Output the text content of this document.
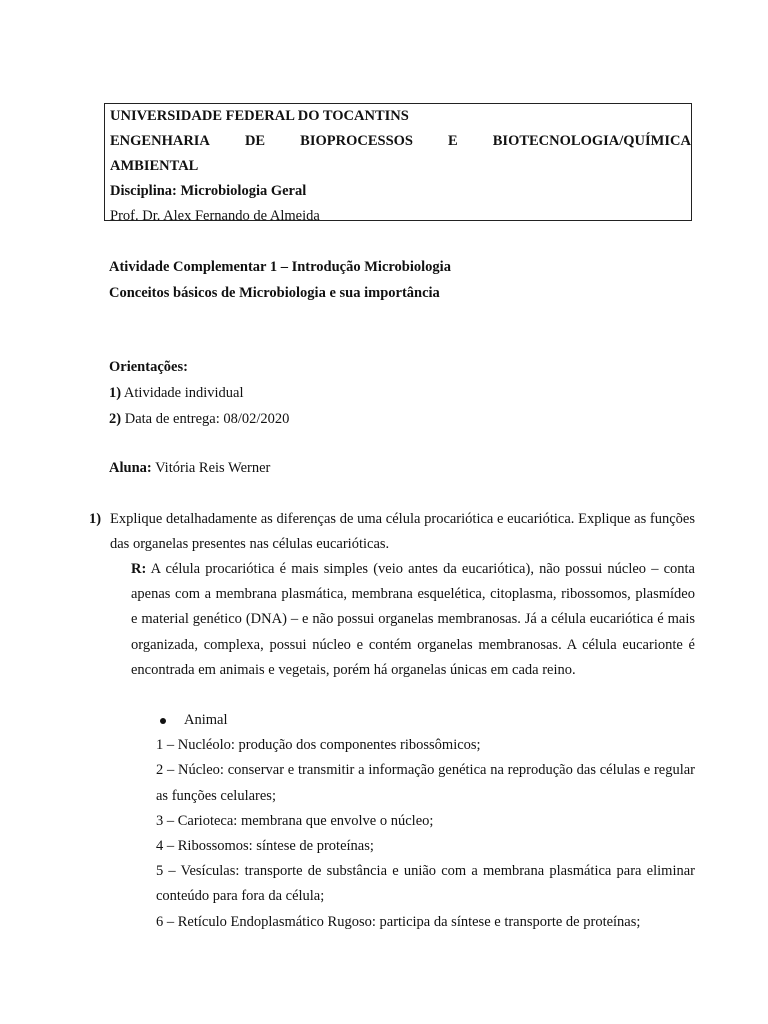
UNIVERSIDADE FEDERAL DO TOCANTINS
ENGENHARIA DE BIOPROCESSOS E BIOTECNOLOGIA/QUÍMICA
AMBIENTAL
Disciplina: Microbiologia Geral
Prof. Dr. Alex Fernando de Almeida
Atividade Complementar 1 – Introdução Microbiologia
Conceitos básicos de Microbiologia e sua importância
Orientações:
1) Atividade individual
2) Data de entrega: 08/02/2020
Aluna: Vitória Reis Werner
1) Explique detalhadamente as diferenças de uma célula procariótica e eucariótica. Explique as funções das organelas presentes nas células eucarióticas.
R: A célula procariótica é mais simples (veio antes da eucariótica), não possui núcleo – conta apenas com a membrana plasmática, membrana esquelética, citoplasma, ribossomos, plasmídeo e material genético (DNA) – e não possui organelas membranosas. Já a célula eucariótica é mais organizada, complexa, possui núcleo e contém organelas membranosas. A célula eucarionte é encontrada em animais e vegetais, porém há organelas únicas em cada reino.
Animal
1 – Nucléolo: produção dos componentes ribossômicos;
2 – Núcleo: conservar e transmitir a informação genética na reprodução das células e regular as funções celulares;
3 – Carioteca: membrana que envolve o núcleo;
4 – Ribossomos: síntese de proteínas;
5 – Vesículas: transporte de substância e união com a membrana plasmática para eliminar conteúdo para fora da célula;
6 – Retículo Endoplasmático Rugoso: participa da síntese e transporte de proteínas;
